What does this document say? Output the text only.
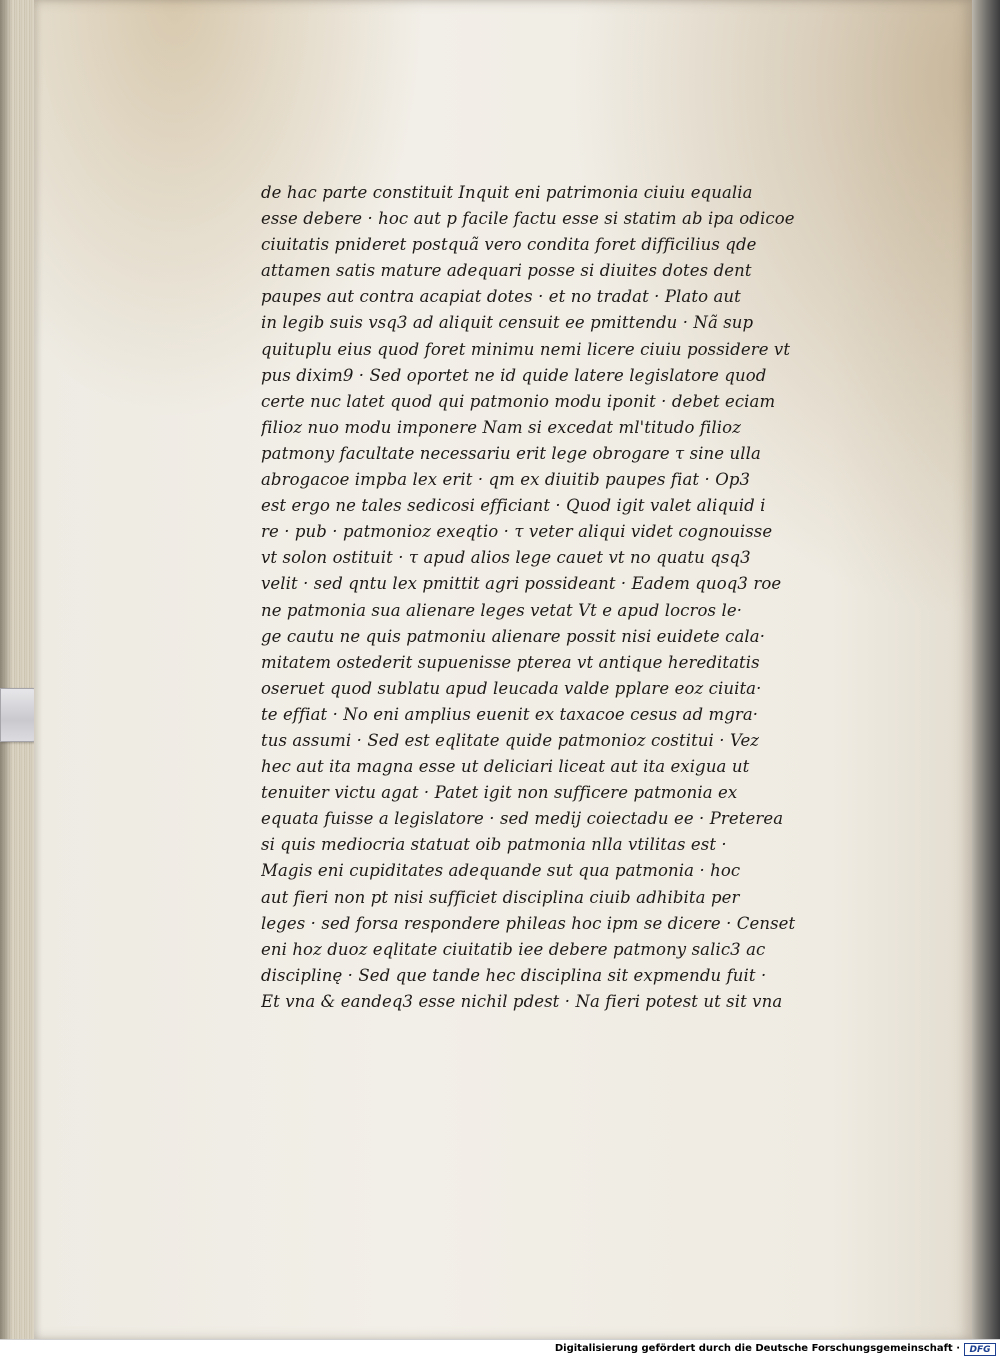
de hac parte constituit Inquit eni patrimonia ciuiu equalia
esse debere · hoc aut p facile factu esse si statim ab ipa odicoe
ciuitatis pnideret postquã vero condita foret difficilius qde
attamen satis mature adequari posse si diuites dotes dent
paupes aut contra acapiat dotes · et no tradat · Plato aut
in legib suis vsq3 ad aliquit censuit ee pmittendu · Nã sup
quituplu eius quod foret minimu nemi licere ciuiu possidere vt
pus dixim9 · Sed oportet ne id quide latere legislatore quod
certe nuc latet quod qui patmonio modu iponit · debet eciam
filioz nuo modu imponere Nam si excedat ml'titudo filioz
patmony facultate necessariu erit lege obrogare τ sine ulla
abrogacoe impba lex erit · qm ex diuitib paupes fiat · Op3
est ergo ne tales sedicosi efficiant · Quod igit valet aliquid i
re · pub · patmonioz exeqtio · τ veter aliqui videt cognouisse
vt solon ostituit · τ apud alios lege cauet vt no quatu qsq3
velit · sed qntu lex pmittit agri possideant · Eadem quoq3 roe
ne patmonia sua alienare leges vetat Vt e apud locros le·
ge cautu ne quis patmoniu alienare possit nisi euidete cala·
mitatem ostederit supuenisse pterea vt antique hereditatis
oseruet quod sublatu apud leucada valde pplare eoz ciuita·
te effiat · No eni amplius euenit ex taxacoe cesus ad mgra·
tus assumi · Sed est eqlitate quide patmonioz costitui · Vez
hec aut ita magna esse ut deliciari liceat aut ita exigua ut
tenuiter victu agat · Patet igit non sufficere patmonia ex
equata fuisse a legislatore · sed medij coiectadu ee · Preterea
si quis mediocria statuat oib patmonia nlla vtilitas est ·
Magis eni cupiditates adequande sut qua patmonia · hoc
aut fieri non pt nisi sufficiet disciplina ciuib adhibita per
leges · sed forsa respondere phileas hoc ipm se dicere · Censet
eni hoz duoz eqlitate ciuitatib iee debere patmony salic3 ac
disciplinę · Sed que tande hec disciplina sit expmendu fuit ·
Et vna & eandeq3 esse nichil pdest · Na fieri potest ut sit vna
Digitalisierung gefördert durch die Deutsche Forschungsgemeinschaft ·	DFG
